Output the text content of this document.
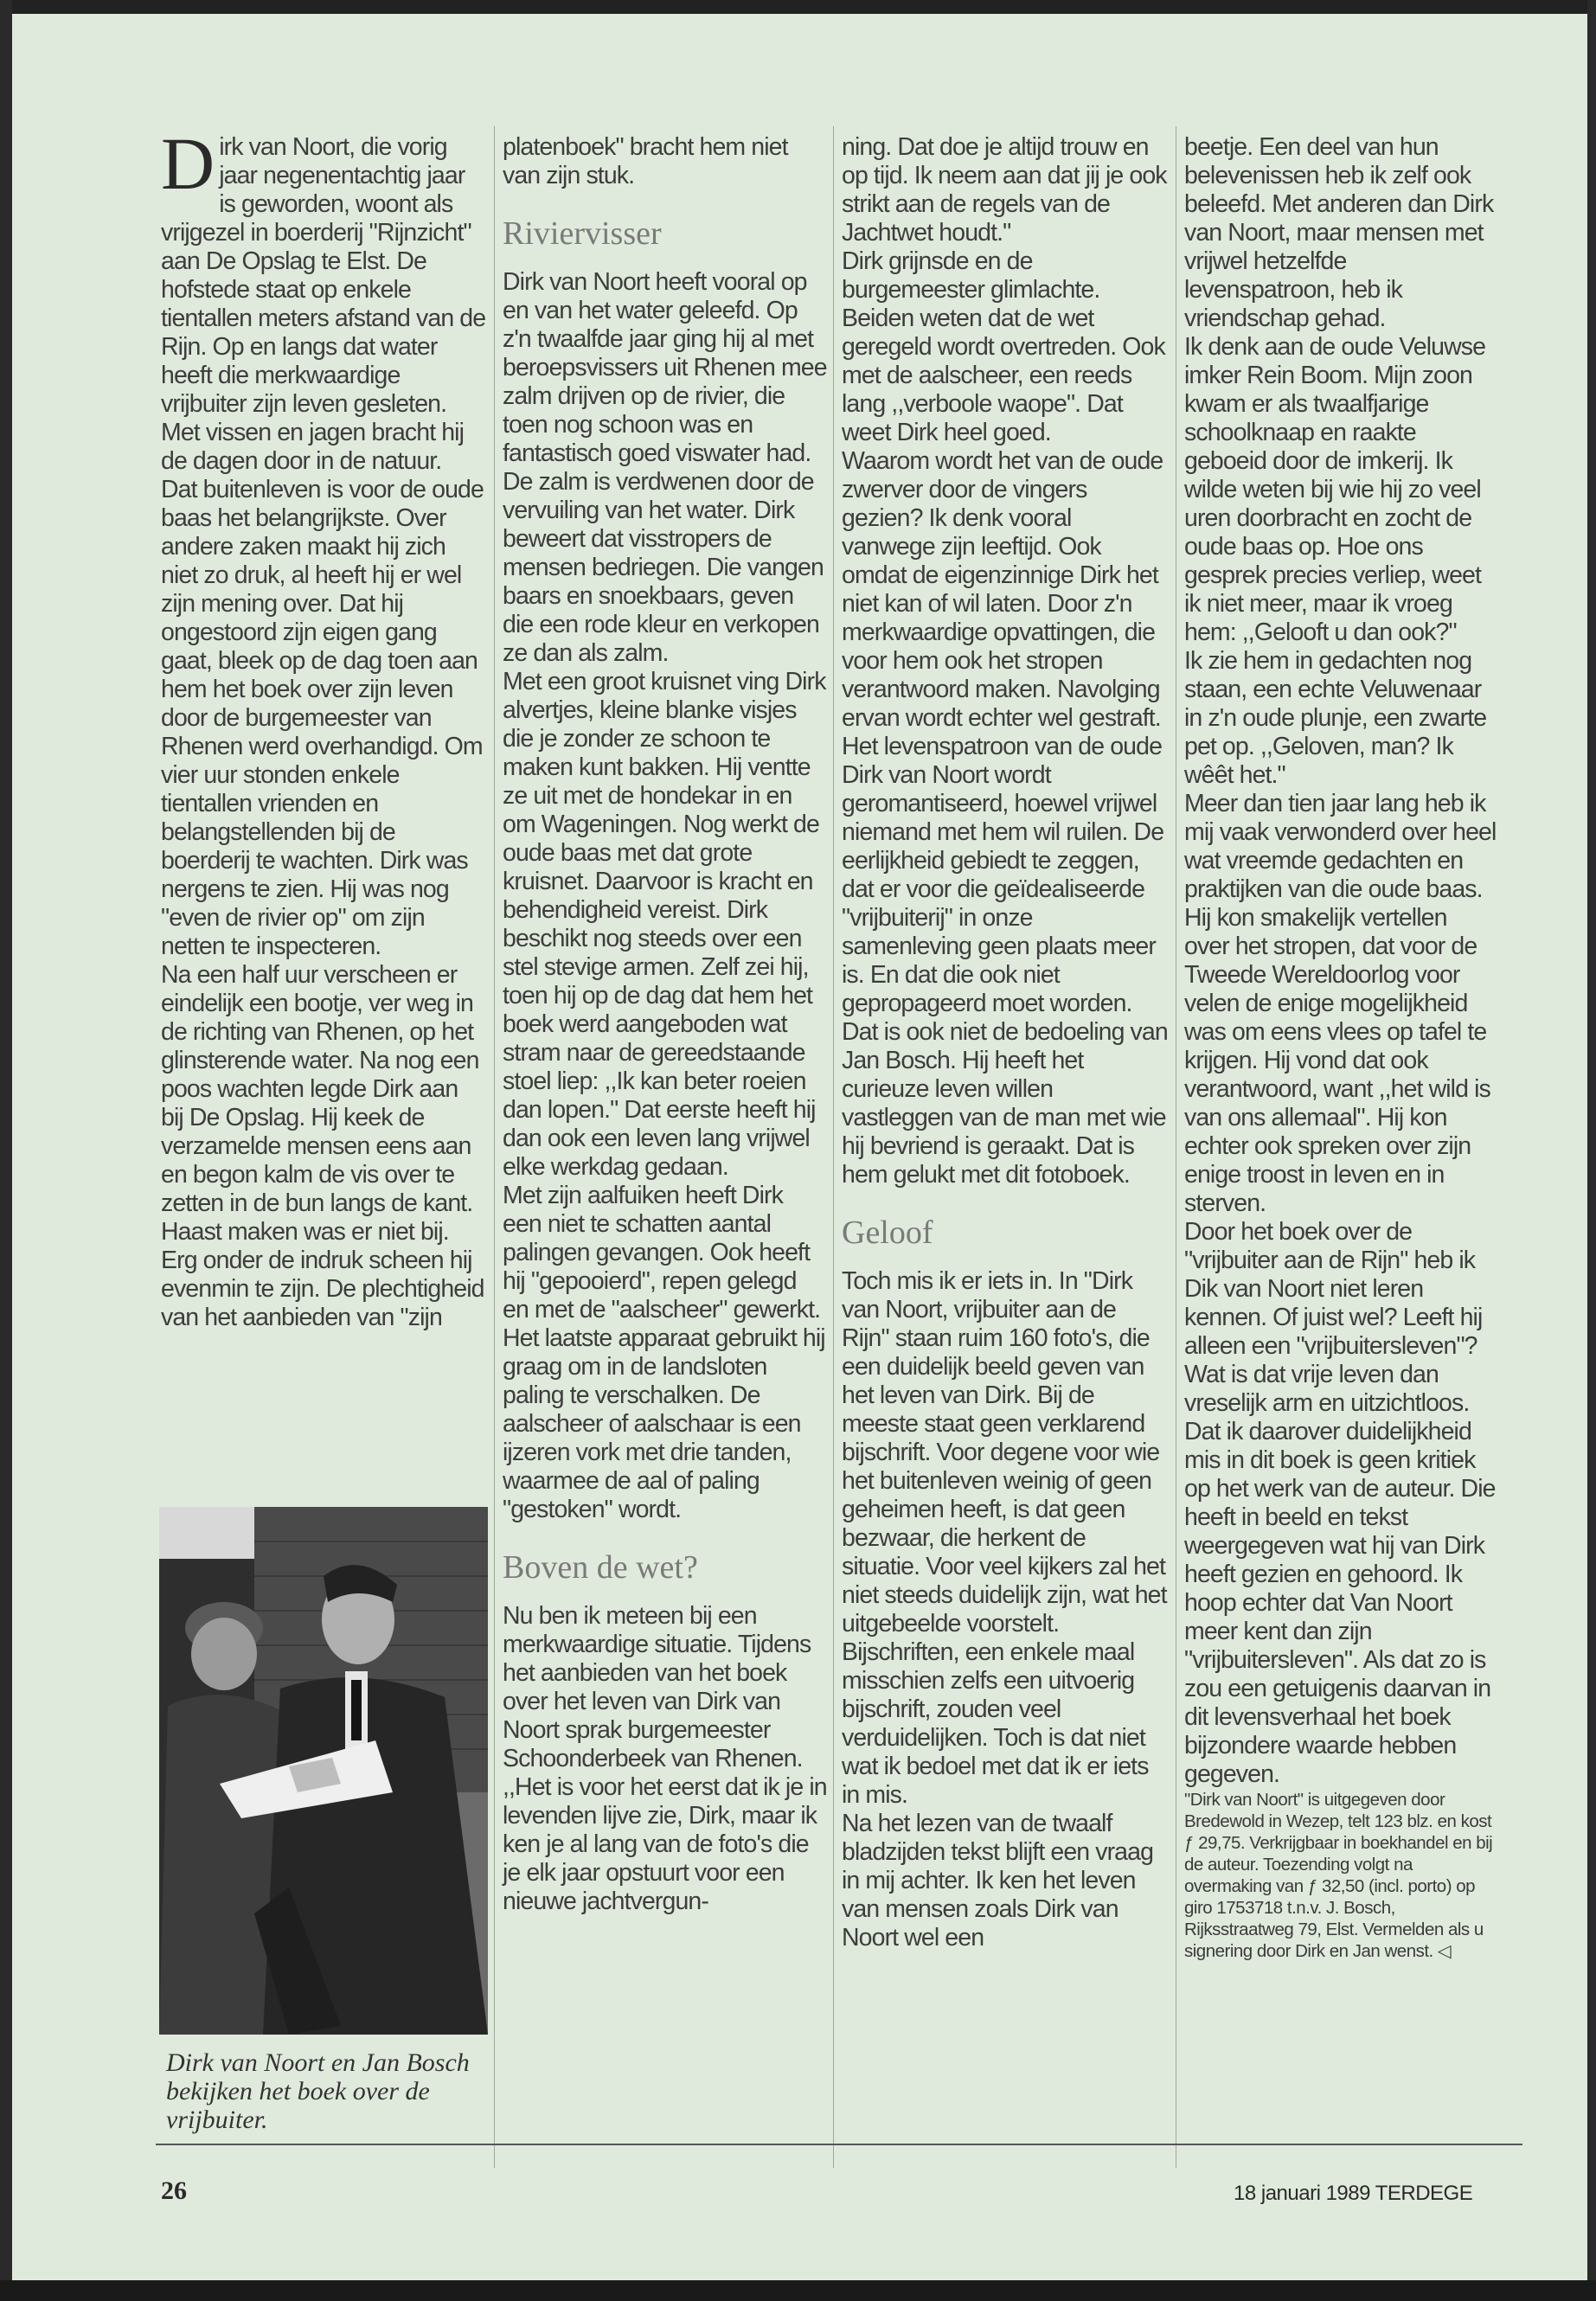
D irk van Noort, die vorig jaar negenentachtig jaar is geworden, woont als vrijgezel in boerderij "Rijnzicht" aan De Opslag te Elst. De hofstede staat op enkele tientallen meters afstand van de Rijn. Op en langs dat water heeft die merkwaardige vrijbuiter zijn leven gesleten. Met vissen en jagen bracht hij de dagen door in de natuur.

Dat buitenleven is voor de oude baas het belangrijkste. Over andere zaken maakt hij zich niet zo druk, al heeft hij er wel zijn mening over. Dat hij ongestoord zijn eigen gang gaat, bleek op de dag toen aan hem het boek over zijn leven door de burgemeester van Rhenen werd overhandigd. Om vier uur stonden enkele tientallen vrienden en belangstellenden bij de boerderij te wachten. Dirk was nergens te zien. Hij was nog "even de rivier op" om zijn netten te inspecteren.

Na een half uur verscheen er eindelijk een bootje, ver weg in de richting van Rhenen, op het glinsterende water. Na nog een poos wachten legde Dirk aan bij De Opslag. Hij keek de verzamelde mensen eens aan en begon kalm de vis over te zetten in de bun langs de kant. Haast maken was er niet bij. Erg onder de indruk scheen hij evenmin te zijn. De plechtigheid van het aanbieden van "zijn

Dirk van Noort en Jan Bosch bekijken het boek over de vrijbuiter.

platenboek" bracht hem niet van zijn stuk.

Riviervisser

Dirk van Noort heeft vooral op en van het water geleefd. Op z'n twaalfde jaar ging hij al met beroepsvissers uit Rhenen mee zalm drijven op de rivier, die toen nog schoon was en fantastisch goed viswater had. De zalm is verdwenen door de vervuiling van het water. Dirk beweert dat visstropers de mensen bedriegen. Die vangen baars en snoekbaars, geven die een rode kleur en verkopen ze dan als zalm.

Met een groot kruisnet ving Dirk alvertjes, kleine blanke visjes die je zonder ze schoon te maken kunt bakken. Hij ventte ze uit met de hondekar in en om Wageningen. Nog werkt de oude baas met dat grote kruisnet. Daarvoor is kracht en behendigheid vereist. Dirk beschikt nog steeds over een stel stevige armen. Zelf zei hij, toen hij op de dag dat hem het boek werd aangeboden wat stram naar de gereedstaande stoel liep: ,,Ik kan beter roeien dan lopen." Dat eerste heeft hij dan ook een leven lang vrijwel elke werkdag gedaan.

Met zijn aalfuiken heeft Dirk een niet te schatten aantal palingen gevangen. Ook heeft hij "gepooierd", repen gelegd en met de "aalscheer" gewerkt. Het laatste apparaat gebruikt hij graag om in de landsloten paling te verschalken. De aalscheer of aalschaar is een ijzeren vork met drie tanden, waarmee de aal of paling "gestoken" wordt.

Boven de wet?

Nu ben ik meteen bij een merkwaardige situatie. Tijdens het aanbieden van het boek over het leven van Dirk van Noort sprak burgemeester Schoonderbeek van Rhenen. ,,Het is voor het eerst dat ik je in levenden lijve zie, Dirk, maar ik ken je al lang van de foto's die je elk jaar opstuurt voor een nieuwe jachtvergun-

ning. Dat doe je altijd trouw en op tijd. Ik neem aan dat jij je ook strikt aan de regels van de Jachtwet houdt."

Dirk grijnsde en de burgemeester glimlachte. Beiden weten dat de wet geregeld wordt overtreden. Ook met de aalscheer, een reeds lang ,,verboole waope". Dat weet Dirk heel goed.

Waarom wordt het van de oude zwerver door de vingers gezien? Ik denk vooral vanwege zijn leeftijd. Ook omdat de eigenzinnige Dirk het niet kan of wil laten. Door z'n merkwaardige opvattingen, die voor hem ook het stropen verantwoord maken. Navolging ervan wordt echter wel gestraft.

Het levenspatroon van de oude Dirk van Noort wordt geromantiseerd, hoewel vrijwel niemand met hem wil ruilen. De eerlijkheid gebiedt te zeggen, dat er voor die geïdealiseerde "vrijbuiterij" in onze samenleving geen plaats meer is. En dat die ook niet gepropageerd moet worden. Dat is ook niet de bedoeling van Jan Bosch. Hij heeft het curieuze leven willen vastleggen van de man met wie hij bevriend is geraakt. Dat is hem gelukt met dit fotoboek.

Geloof

Toch mis ik er iets in. In "Dirk van Noort, vrijbuiter aan de Rijn" staan ruim 160 foto's, die een duidelijk beeld geven van het leven van Dirk. Bij de meeste staat geen verklarend bijschrift. Voor degene voor wie het buitenleven weinig of geen geheimen heeft, is dat geen bezwaar, die herkent de situatie. Voor veel kijkers zal het niet steeds duidelijk zijn, wat het uitgebeelde voorstelt. Bijschriften, een enkele maal misschien zelfs een uitvoerig bijschrift, zouden veel verduidelijken. Toch is dat niet wat ik bedoel met dat ik er iets in mis.

Na het lezen van de twaalf bladzijden tekst blijft een vraag in mij achter. Ik ken het leven van mensen zoals Dirk van Noort wel een

beetje. Een deel van hun belevenissen heb ik zelf ook beleefd. Met anderen dan Dirk van Noort, maar mensen met vrijwel hetzelfde levenspatroon, heb ik vriendschap gehad.

Ik denk aan de oude Veluwse imker Rein Boom. Mijn zoon kwam er als twaalfjarige schoolknaap en raakte geboeid door de imkerij. Ik wilde weten bij wie hij zo veel uren doorbracht en zocht de oude baas op. Hoe ons gesprek precies verliep, weet ik niet meer, maar ik vroeg hem: ,,Gelooft u dan ook?"

Ik zie hem in gedachten nog staan, een echte Veluwenaar in z'n oude plunje, een zwarte pet op. ,,Geloven, man? Ik wêêt het."

Meer dan tien jaar lang heb ik mij vaak verwonderd over heel wat vreemde gedachten en praktijken van die oude baas. Hij kon smakelijk vertellen over het stropen, dat voor de Tweede Wereldoorlog voor velen de enige mogelijkheid was om eens vlees op tafel te krijgen. Hij vond dat ook verantwoord, want ,,het wild is van ons allemaal". Hij kon echter ook spreken over zijn enige troost in leven en in sterven.

Door het boek over de "vrijbuiter aan de Rijn" heb ik Dik van Noort niet leren kennen. Of juist wel? Leeft hij alleen een "vrijbuitersleven"? Wat is dat vrije leven dan vreselijk arm en uitzichtloos. Dat ik daarover duidelijkheid mis in dit boek is geen kritiek op het werk van de auteur. Die heeft in beeld en tekst weergegeven wat hij van Dirk heeft gezien en gehoord. Ik hoop echter dat Van Noort meer kent dan zijn "vrijbuitersleven". Als dat zo is zou een getuigenis daarvan in dit levensverhaal het boek bijzondere waarde hebben gegeven.

"Dirk van Noort" is uitgegeven door Bredewold in Wezep, telt 123 blz. en kost ƒ 29,75. Verkrijgbaar in boekhandel en bij de auteur. Toezending volgt na overmaking van ƒ 32,50 (incl. porto) op giro 1753718 t.n.v. J. Bosch, Rijksstraatweg 79, Elst. Vermelden als u signering door Dirk en Jan wenst. ◁

26	18 januari 1989 TERDEGE
